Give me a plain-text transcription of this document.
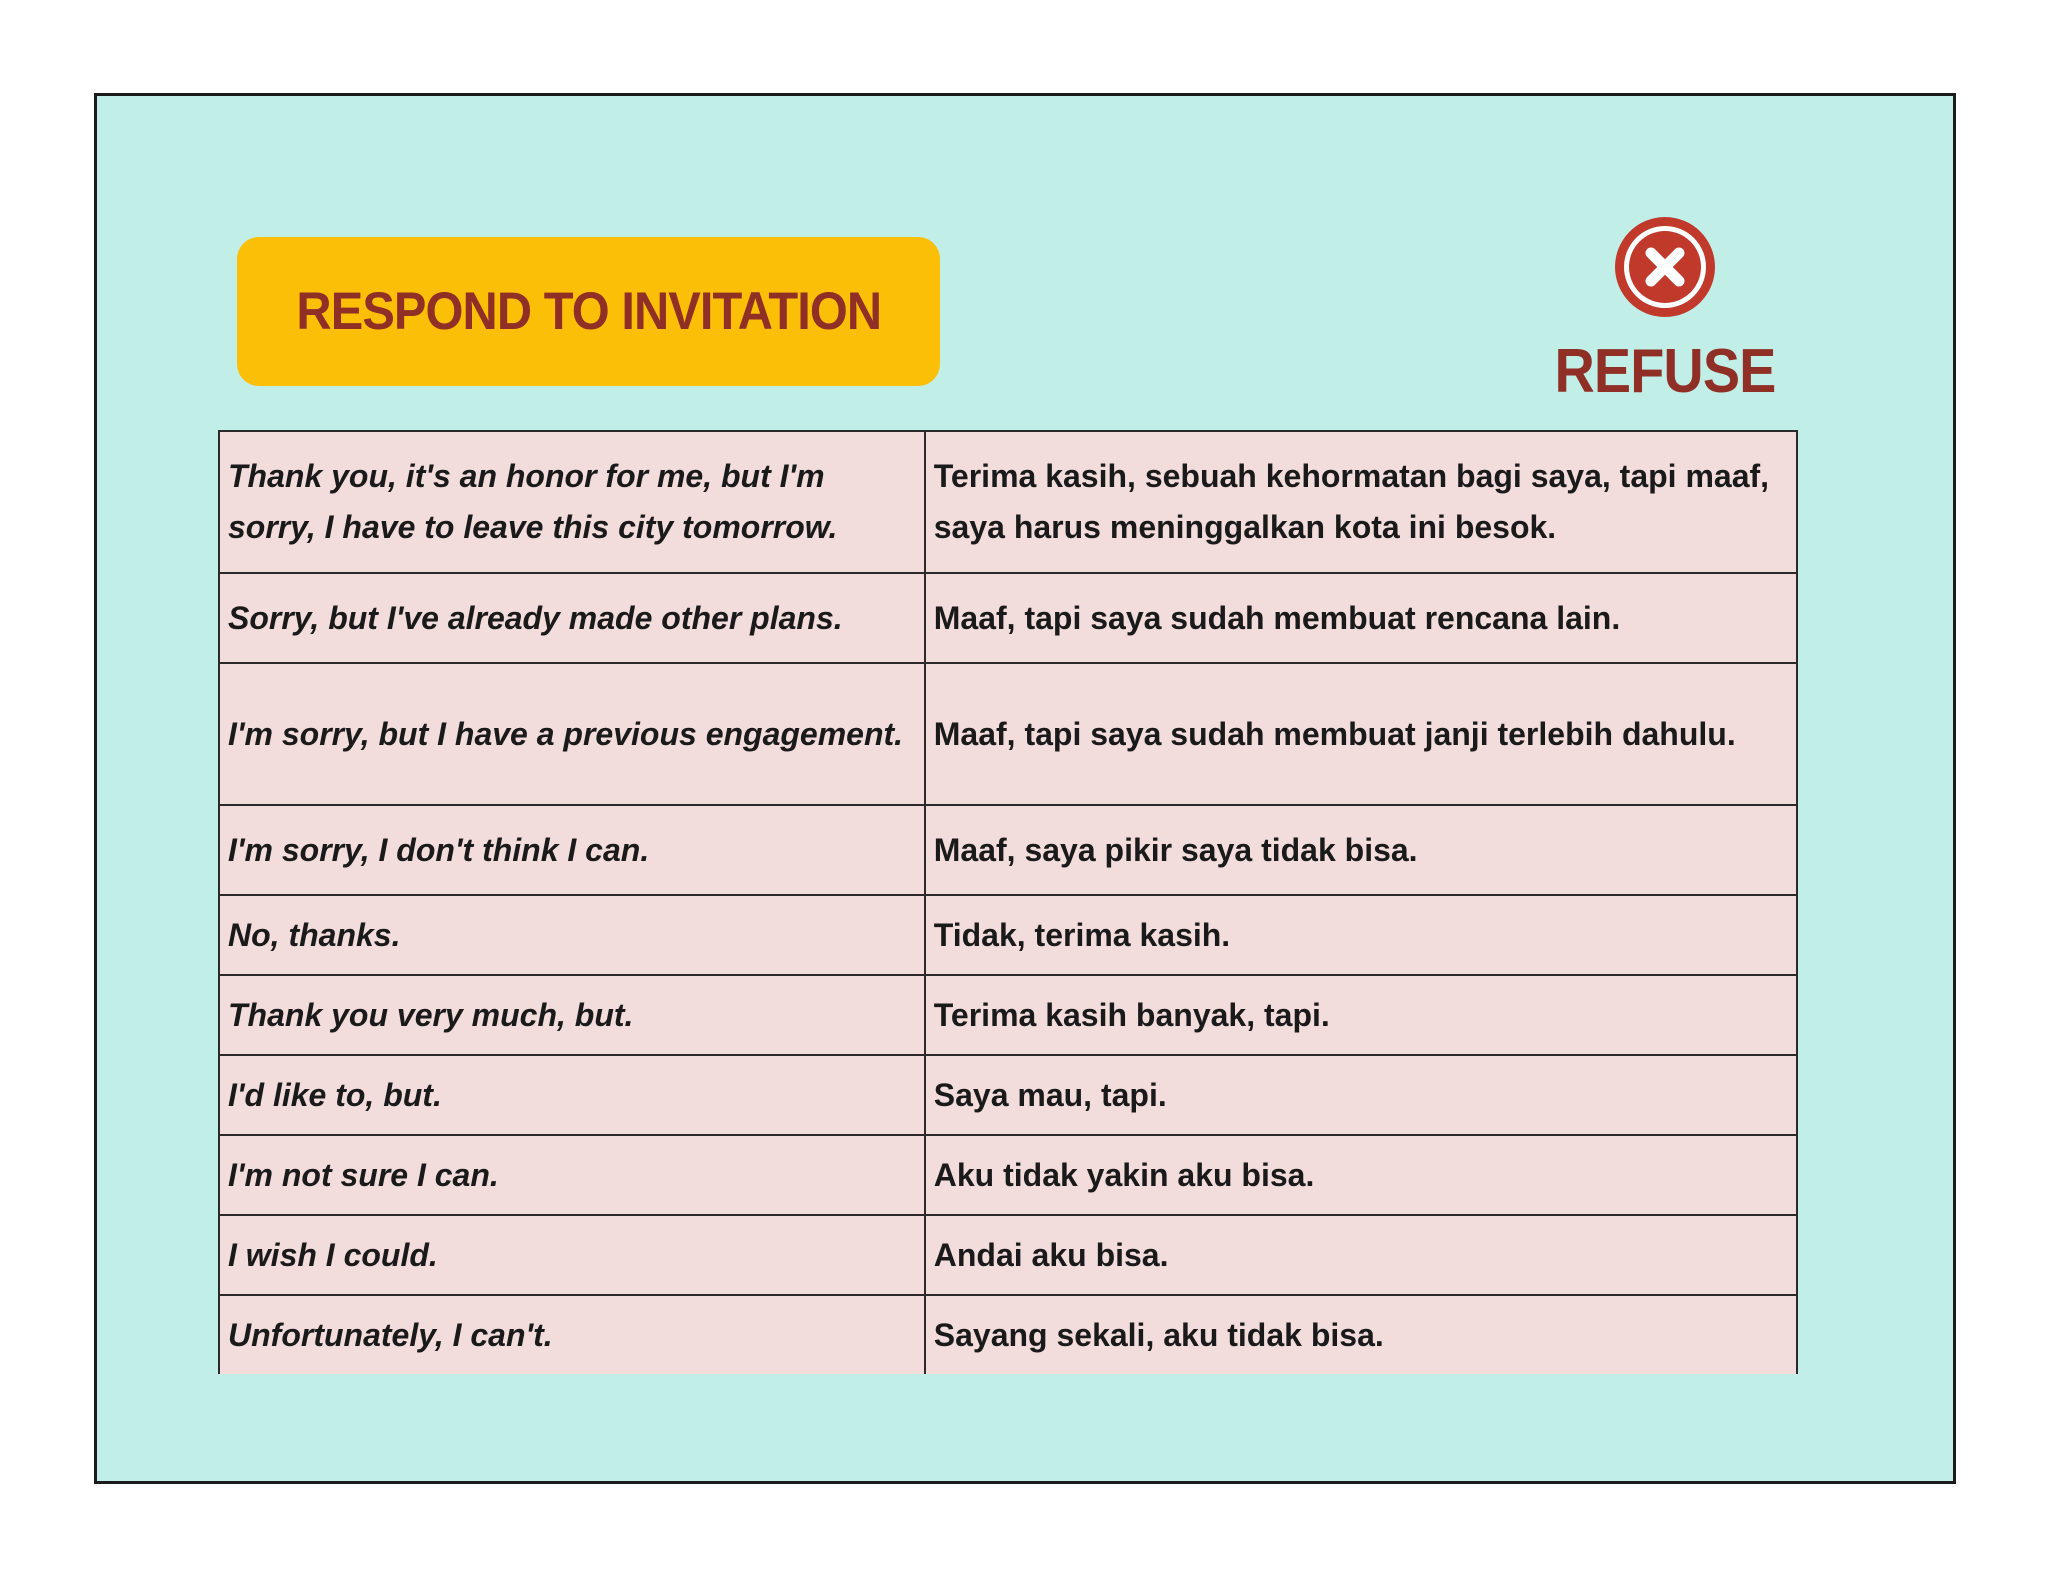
RESPOND TO INVITATION
REFUSE
Thank you, it's an honor for me, but I'm sorry, I have to leave this city tomorrow.	Terima kasih, sebuah kehormatan bagi saya, tapi maaf, saya harus meninggalkan kota ini besok.
Sorry, but I've already made other plans.	Maaf, tapi saya sudah membuat rencana lain.
I'm sorry, but I have a previous engagement.	Maaf, tapi saya sudah membuat janji terlebih dahulu.
I'm sorry, I don't think I can.	Maaf, saya pikir saya tidak bisa.
No, thanks.	Tidak, terima kasih.
Thank you very much, but.	Terima kasih banyak, tapi.
I'd like to, but.	Saya mau, tapi.
I'm not sure I can.	Aku tidak yakin aku bisa.
I wish I could.	Andai aku bisa.
Unfortunately, I can't.	Sayang sekali, aku tidak bisa.
